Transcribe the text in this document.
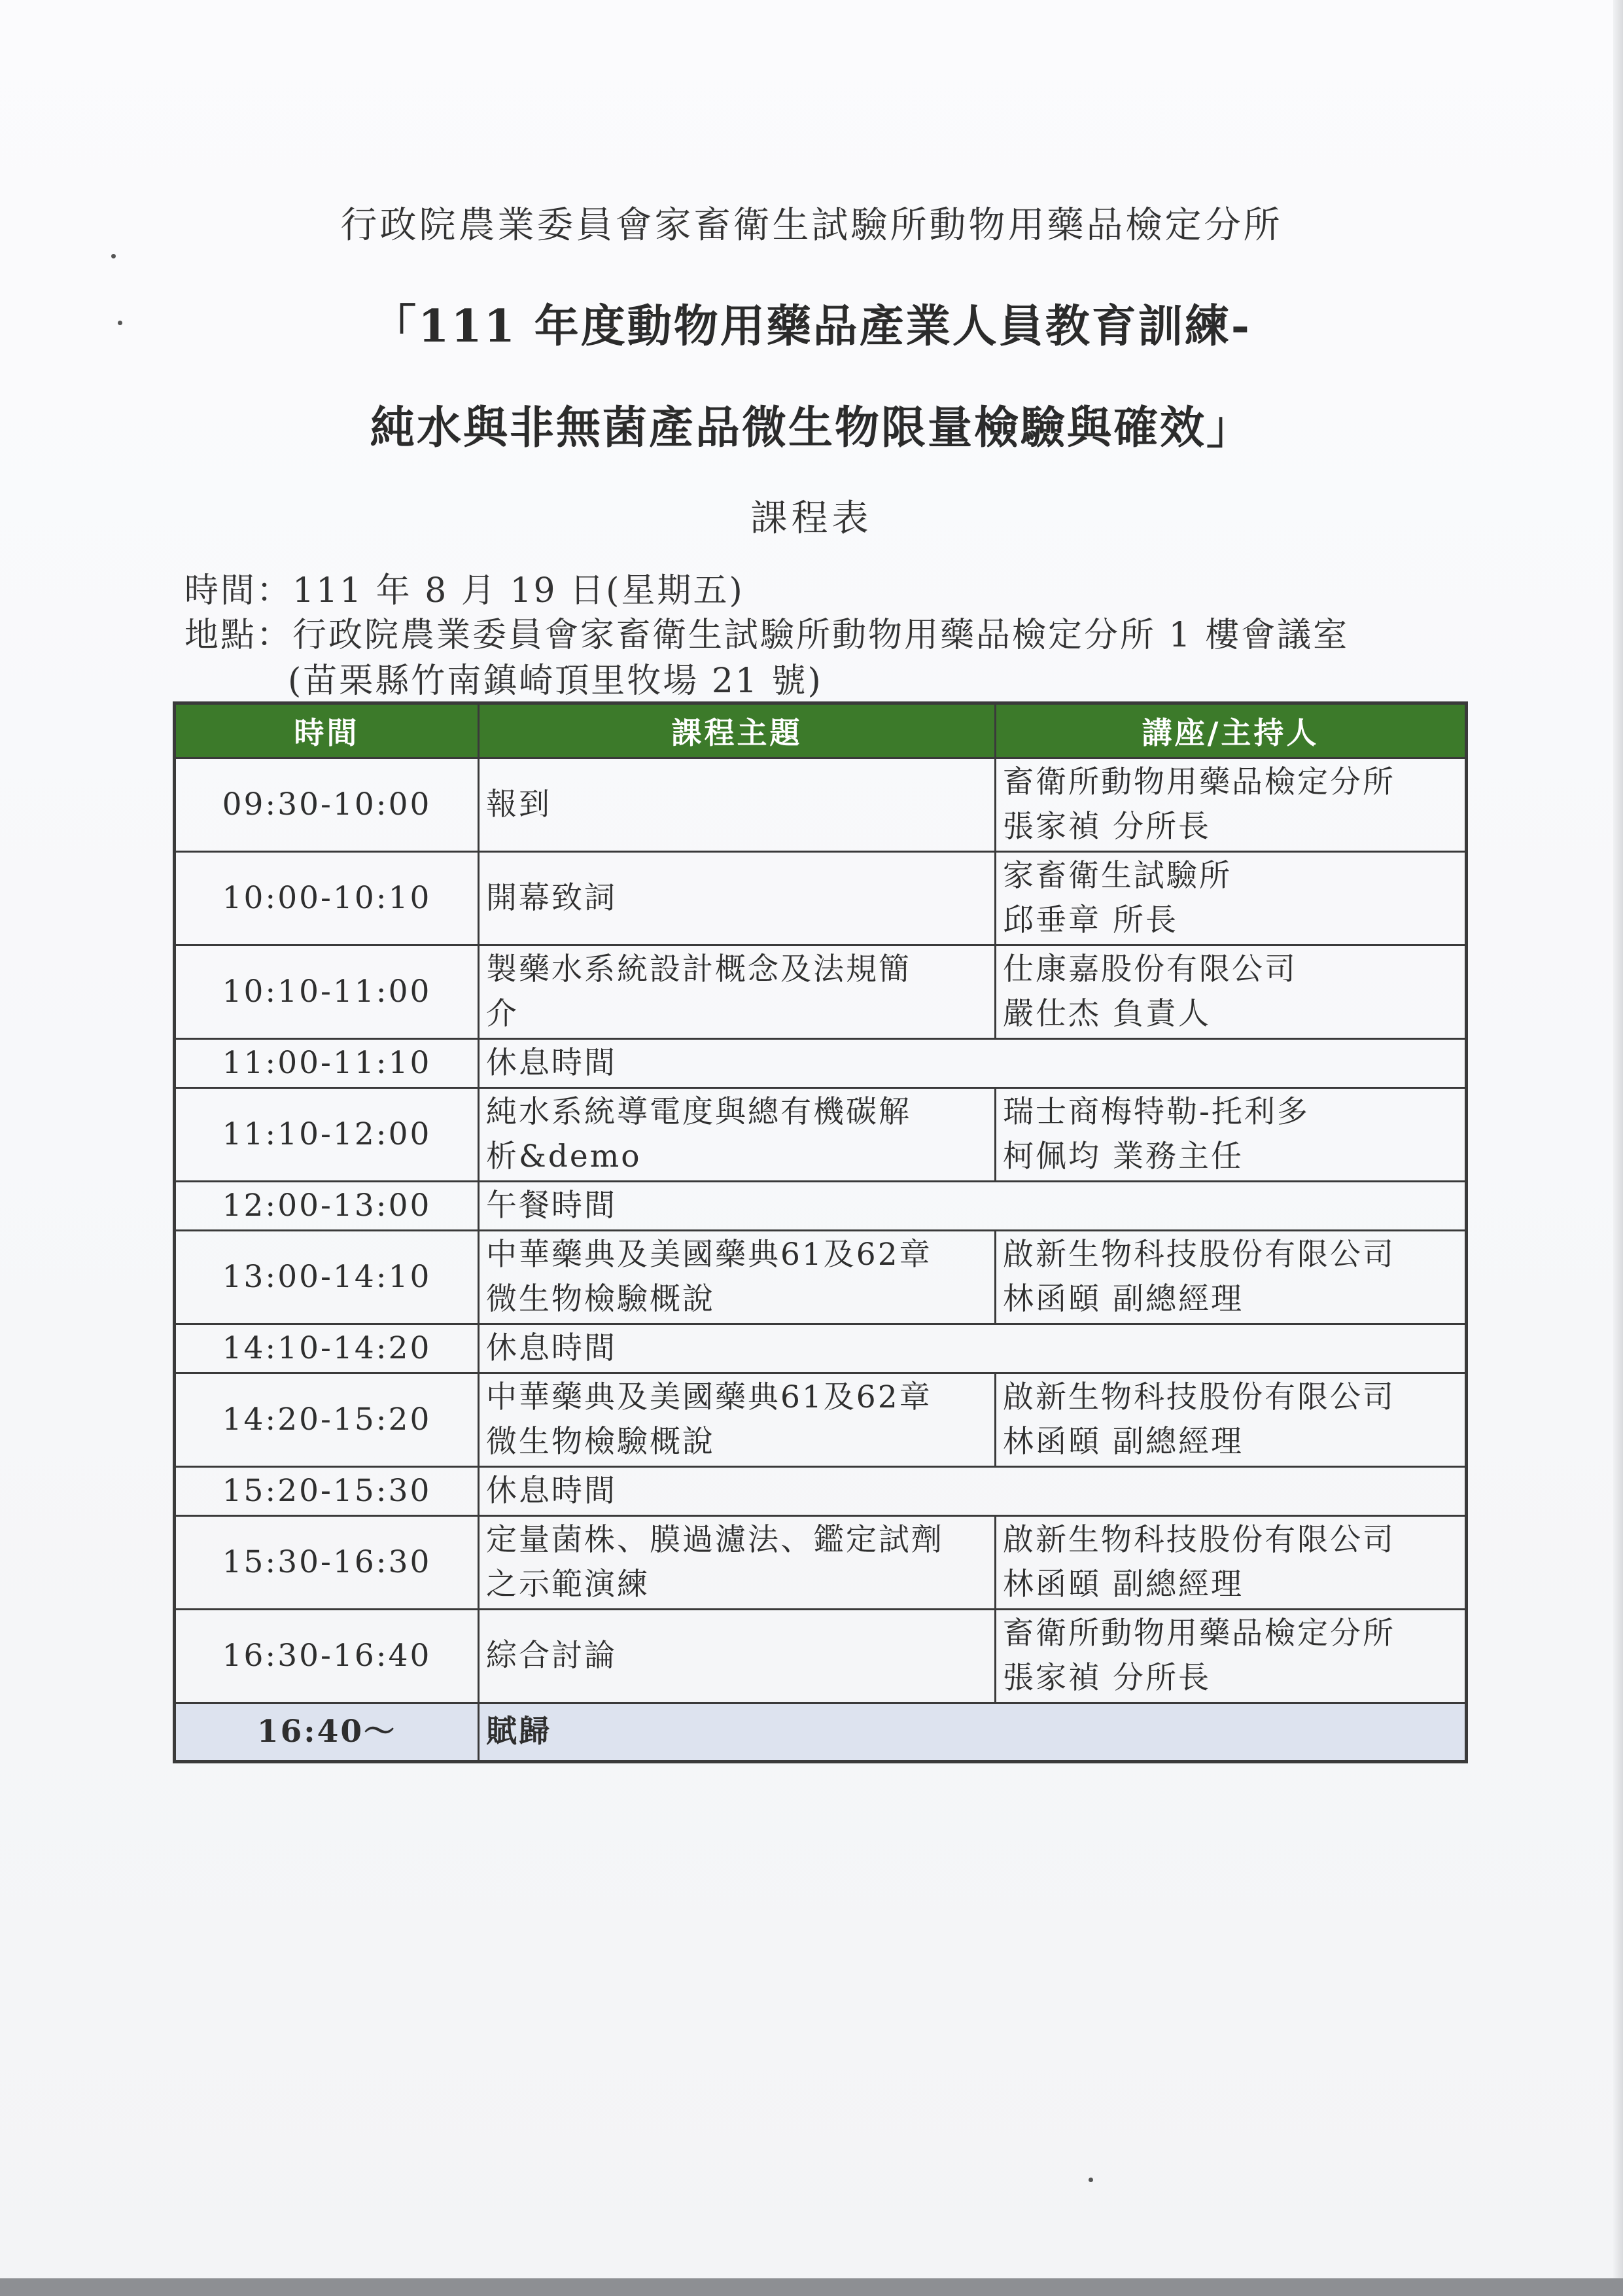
行政院農業委員會家畜衛生試驗所動物用藥品檢定分所
「111 年度動物用藥品產業人員教育訓練-
純水與非無菌產品微生物限量檢驗與確效」
課程表
時間：111 年 8 月 19 日(星期五)
地點：行政院農業委員會家畜衛生試驗所動物用藥品檢定分所 1 樓會議室
(苗栗縣竹南鎮崎頂里牧場 21 號)
時間	課程主題	講座/主持人
09:30-10:00	報到	畜衛所動物用藥品檢定分所
張家禎 分所長

10:00-10:10	開幕致詞	家畜衛生試驗所
邱垂章 所長

10:10-11:00	製藥水系統設計概念及法規簡
介	仕康嘉股份有限公司
嚴仕杰 負責人

11:00-11:10	休息時間	

11:10-12:00	純水系統導電度與總有機碳解
析&demo	瑞士商梅特勒-托利多
柯佩均 業務主任

12:00-13:00	午餐時間	

13:00-14:10	中華藥典及美國藥典61及62章
微生物檢驗概說	啟新生物科技股份有限公司
林函頤 副總經理

14:10-14:20	休息時間	

14:20-15:20	中華藥典及美國藥典61及62章
微生物檢驗概說	啟新生物科技股份有限公司
林函頤 副總經理

15:20-15:30	休息時間	

15:30-16:30	定量菌株、膜過濾法、鑑定試劑
之示範演練	啟新生物科技股份有限公司
林函頤 副總經理

16:30-16:40	綜合討論	畜衛所動物用藥品檢定分所
張家禎 分所長

16:40～	賦歸	
